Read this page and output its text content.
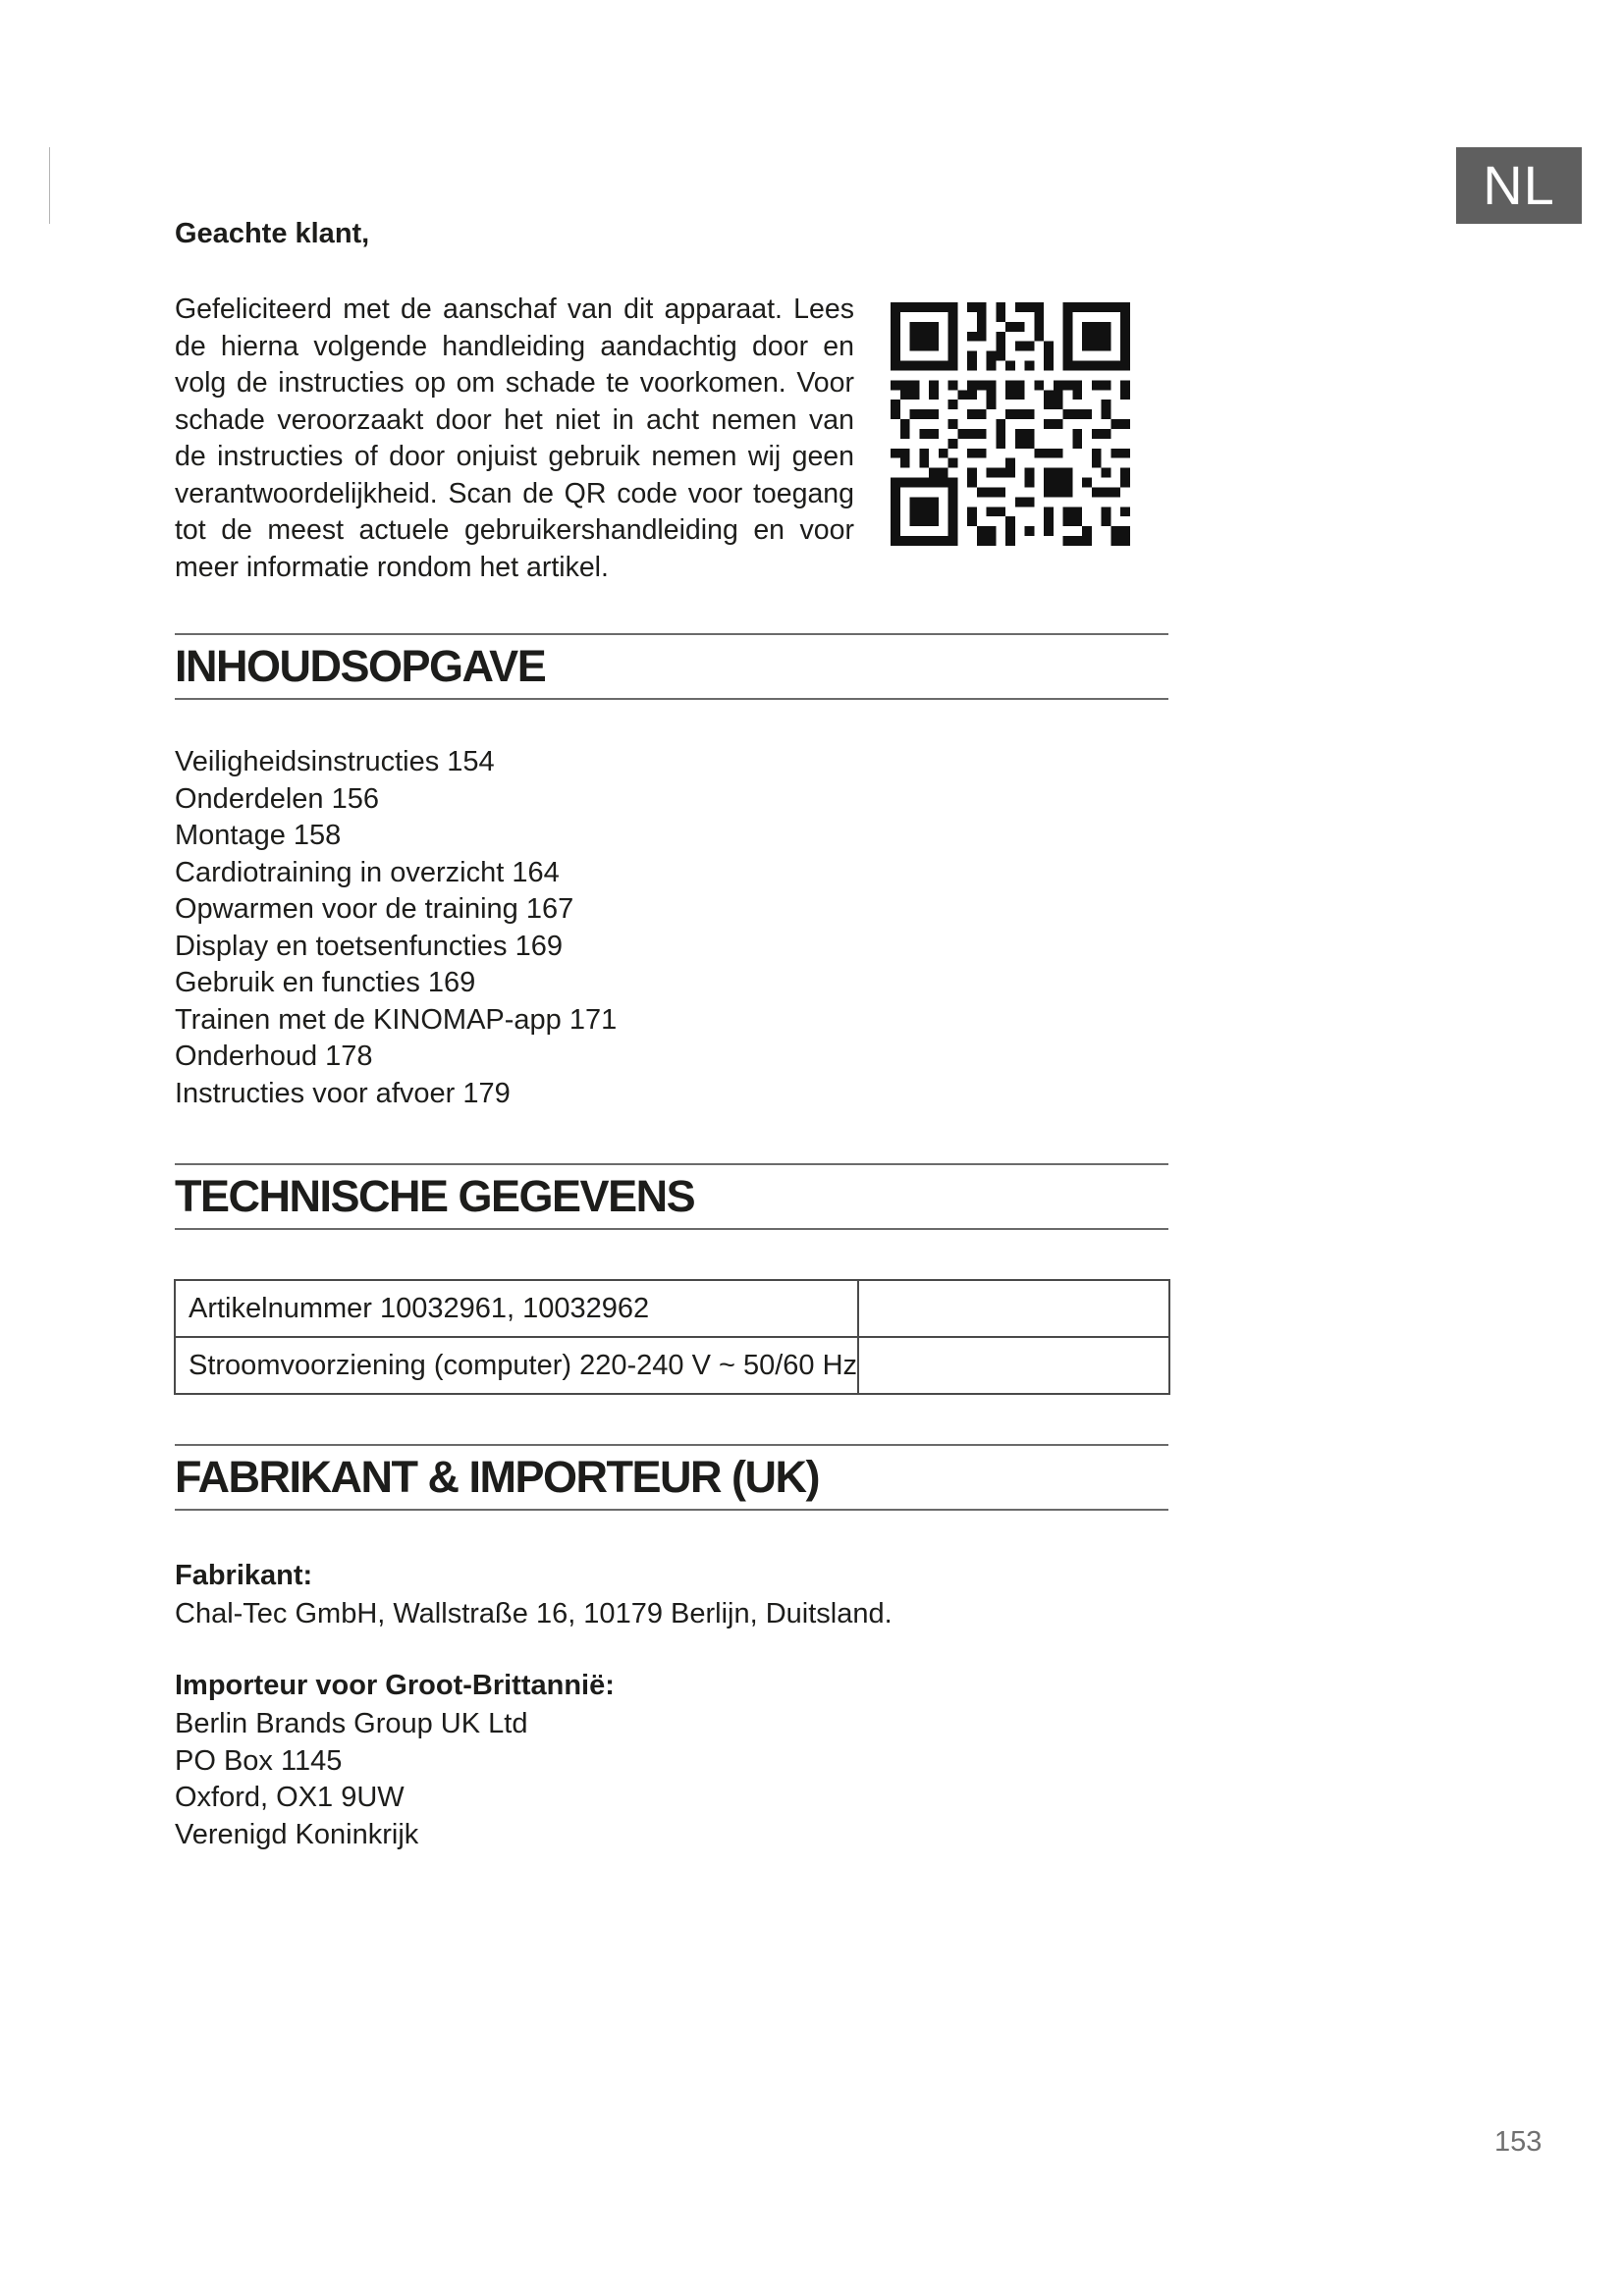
NL
Geachte klant,

Gefeliciteerd met de aanschaf van dit apparaat. Lees de hierna volgende handleiding aandachtig door en volg de instructies op om schade te voorkomen. Voor schade veroorzaakt door het niet in acht nemen van de instructies of door onjuist gebruik nemen wij geen verantwoordelijkheid. Scan de QR code voor toegang tot de meest actuele gebruikershandleiding en voor meer informatie rondom het artikel.

INHOUDSOPGAVE
Veiligheidsinstructies 154
Onderdelen 156
Montage 158
Cardiotraining in overzicht 164
Opwarmen voor de training 167
Display en toetsenfuncties 169
Gebruik en functies 169
Trainen met de KINOMAP-app 171
Onderhoud 178
Instructies voor afvoer 179
TECHNISCHE GEGEVENS
Artikelnummer 10032961, 10032962	
Stroomvoorziening (computer) 220-240 V ~ 50/60 Hz	
FABRIKANT & IMPORTEUR (UK)
Fabrikant:
Chal-Tec GmbH, Wallstraße 16, 10179 Berlijn, Duitsland.
Importeur voor Groot-Brittannië:
Berlin Brands Group UK Ltd
PO Box 1145
Oxford, OX1 9UW
Verenigd Koninkrijk
153
